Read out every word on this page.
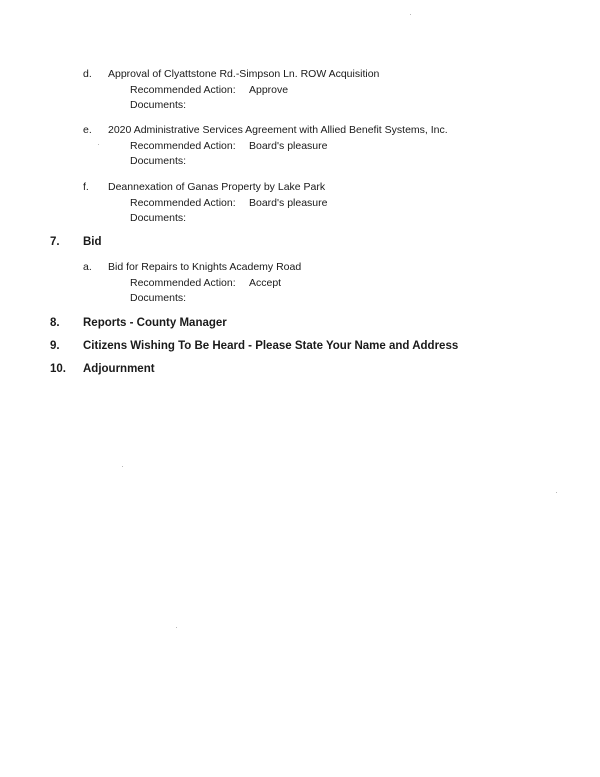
d. Approval of Clyattstone Rd.-Simpson Ln. ROW Acquisition
Recommended Action: Approve
Documents:
e. 2020 Administrative Services Agreement with Allied Benefit Systems, Inc.
Recommended Action: Board's pleasure
Documents:
f. Deannexation of Ganas Property by Lake Park
Recommended Action: Board's pleasure
Documents:
7. Bid
a. Bid for Repairs to Knights Academy Road
Recommended Action: Accept
Documents:
8. Reports - County Manager
9. Citizens Wishing To Be Heard - Please State Your Name and Address
10. Adjournment
